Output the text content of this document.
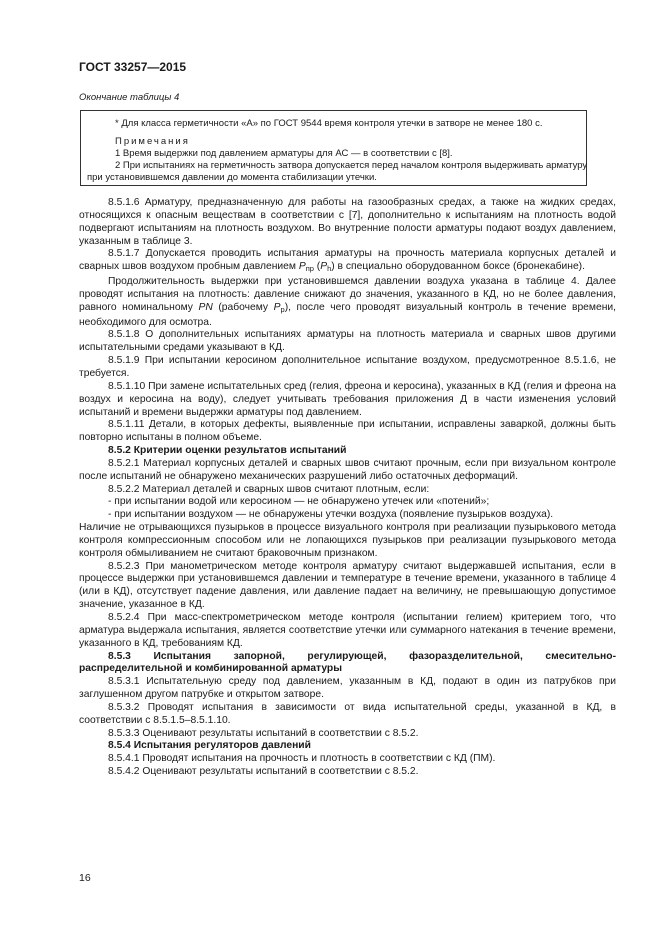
ГОСТ 33257—2015
Окончание таблицы 4
* Для класса герметичности «А» по ГОСТ 9544 время контроля утечки в затворе не менее 180 с.
Примечания
1 Время выдержки под давлением арматуры для АС — в соответствии с [8].
2 При испытаниях на герметичность затвора допускается перед началом контроля выдерживать арматуру
при установившемся давлении до момента стабилизации утечки.

8.5.1.6 Арматуру, предназначенную для работы на газообразных средах, а также на жидких средах, относящихся к опасным веществам в соответствии с [7], дополнительно к испытаниям на плотность водой подвергают испытаниям на плотность воздухом. Во внутренние полости арматуры подают воздух давлением, указанным в таблице 3.

8.5.1.7 Допускается проводить испытания арматуры на прочность материала корпусных деталей и сварных швов воздухом пробным давлением $P_{пр}$ $(P_h)$ в специально оборудованном боксе (бронекабине).

Продолжительность выдержки при установившемся давлении воздуха указана в таблице 4. Далее проводят испытания на плотность: давление снижают до значения, указанного в КД, но не более давления, равного номинальному PN (рабочему $P_p$), после чего проводят визуальный контроль в течение времени, необходимого для осмотра.

8.5.1.8 О дополнительных испытаниях арматуры на плотность материала и сварных швов другими испытательными средами указывают в КД.

8.5.1.9 При испытании керосином дополнительное испытание воздухом, предусмотренное 8.5.1.6, не требуется.

8.5.1.10 При замене испытательных сред (гелия, фреона и керосина), указанных в КД (гелия и фреона на воздух и керосина на воду), следует учитывать требования приложения Д в части изменения условий испытаний и времени выдержки арматуры под давлением.

8.5.1.11 Детали, в которых дефекты, выявленные при испытании, исправлены заваркой, должны быть повторно испытаны в полном объеме.

8.5.2 Критерии оценки результатов испытаний

8.5.2.1 Материал корпусных деталей и сварных швов считают прочным, если при визуальном контроле после испытаний не обнаружено механических разрушений либо остаточных деформаций.

8.5.2.2 Материал деталей и сварных швов считают плотным, если:

- при испытании водой или керосином — не обнаружено утечек или «потений»;

- при испытании воздухом — не обнаружены утечки воздуха (появление пузырьков воздуха).

Наличие не отрывающихся пузырьков в процессе визуального контроля при реализации пузырькового метода контроля компрессионным способом или не лопающихся пузырьков при реализации пузырькового метода контроля обмыливанием не считают браковочным признаком.

8.5.2.3 При манометрическом методе контроля арматуру считают выдержавшей испытания, если в процессе выдержки при установившемся давлении и температуре в течение времени, указанного в таблице 4 (или в КД), отсутствует падение давления, или давление падает на величину, не превышающую допустимое значение, указанное в КД.

8.5.2.4 При масс-спектрометрическом методе контроля (испытании гелием) критерием того, что арматура выдержала испытания, является соответствие утечки или суммарного натекания в течение времени, указанного в КД, требованиям КД.

8.5.3 Испытания запорной, регулирующей, фазоразделительной, смесительно-распределительной и комбинированной арматуры

8.5.3.1 Испытательную среду под давлением, указанным в КД, подают в один из патрубков при заглушенном другом патрубке и открытом затворе.

8.5.3.2 Проводят испытания в зависимости от вида испытательной среды, указанной в КД, в соответствии с 8.5.1.5–8.5.1.10.

8.5.3.3 Оценивают результаты испытаний в соответствии с 8.5.2.

8.5.4 Испытания регуляторов давлений

8.5.4.1 Проводят испытания на прочность и плотность в соответствии с КД (ПМ).

8.5.4.2 Оценивают результаты испытаний в соответствии с 8.5.2.

16
